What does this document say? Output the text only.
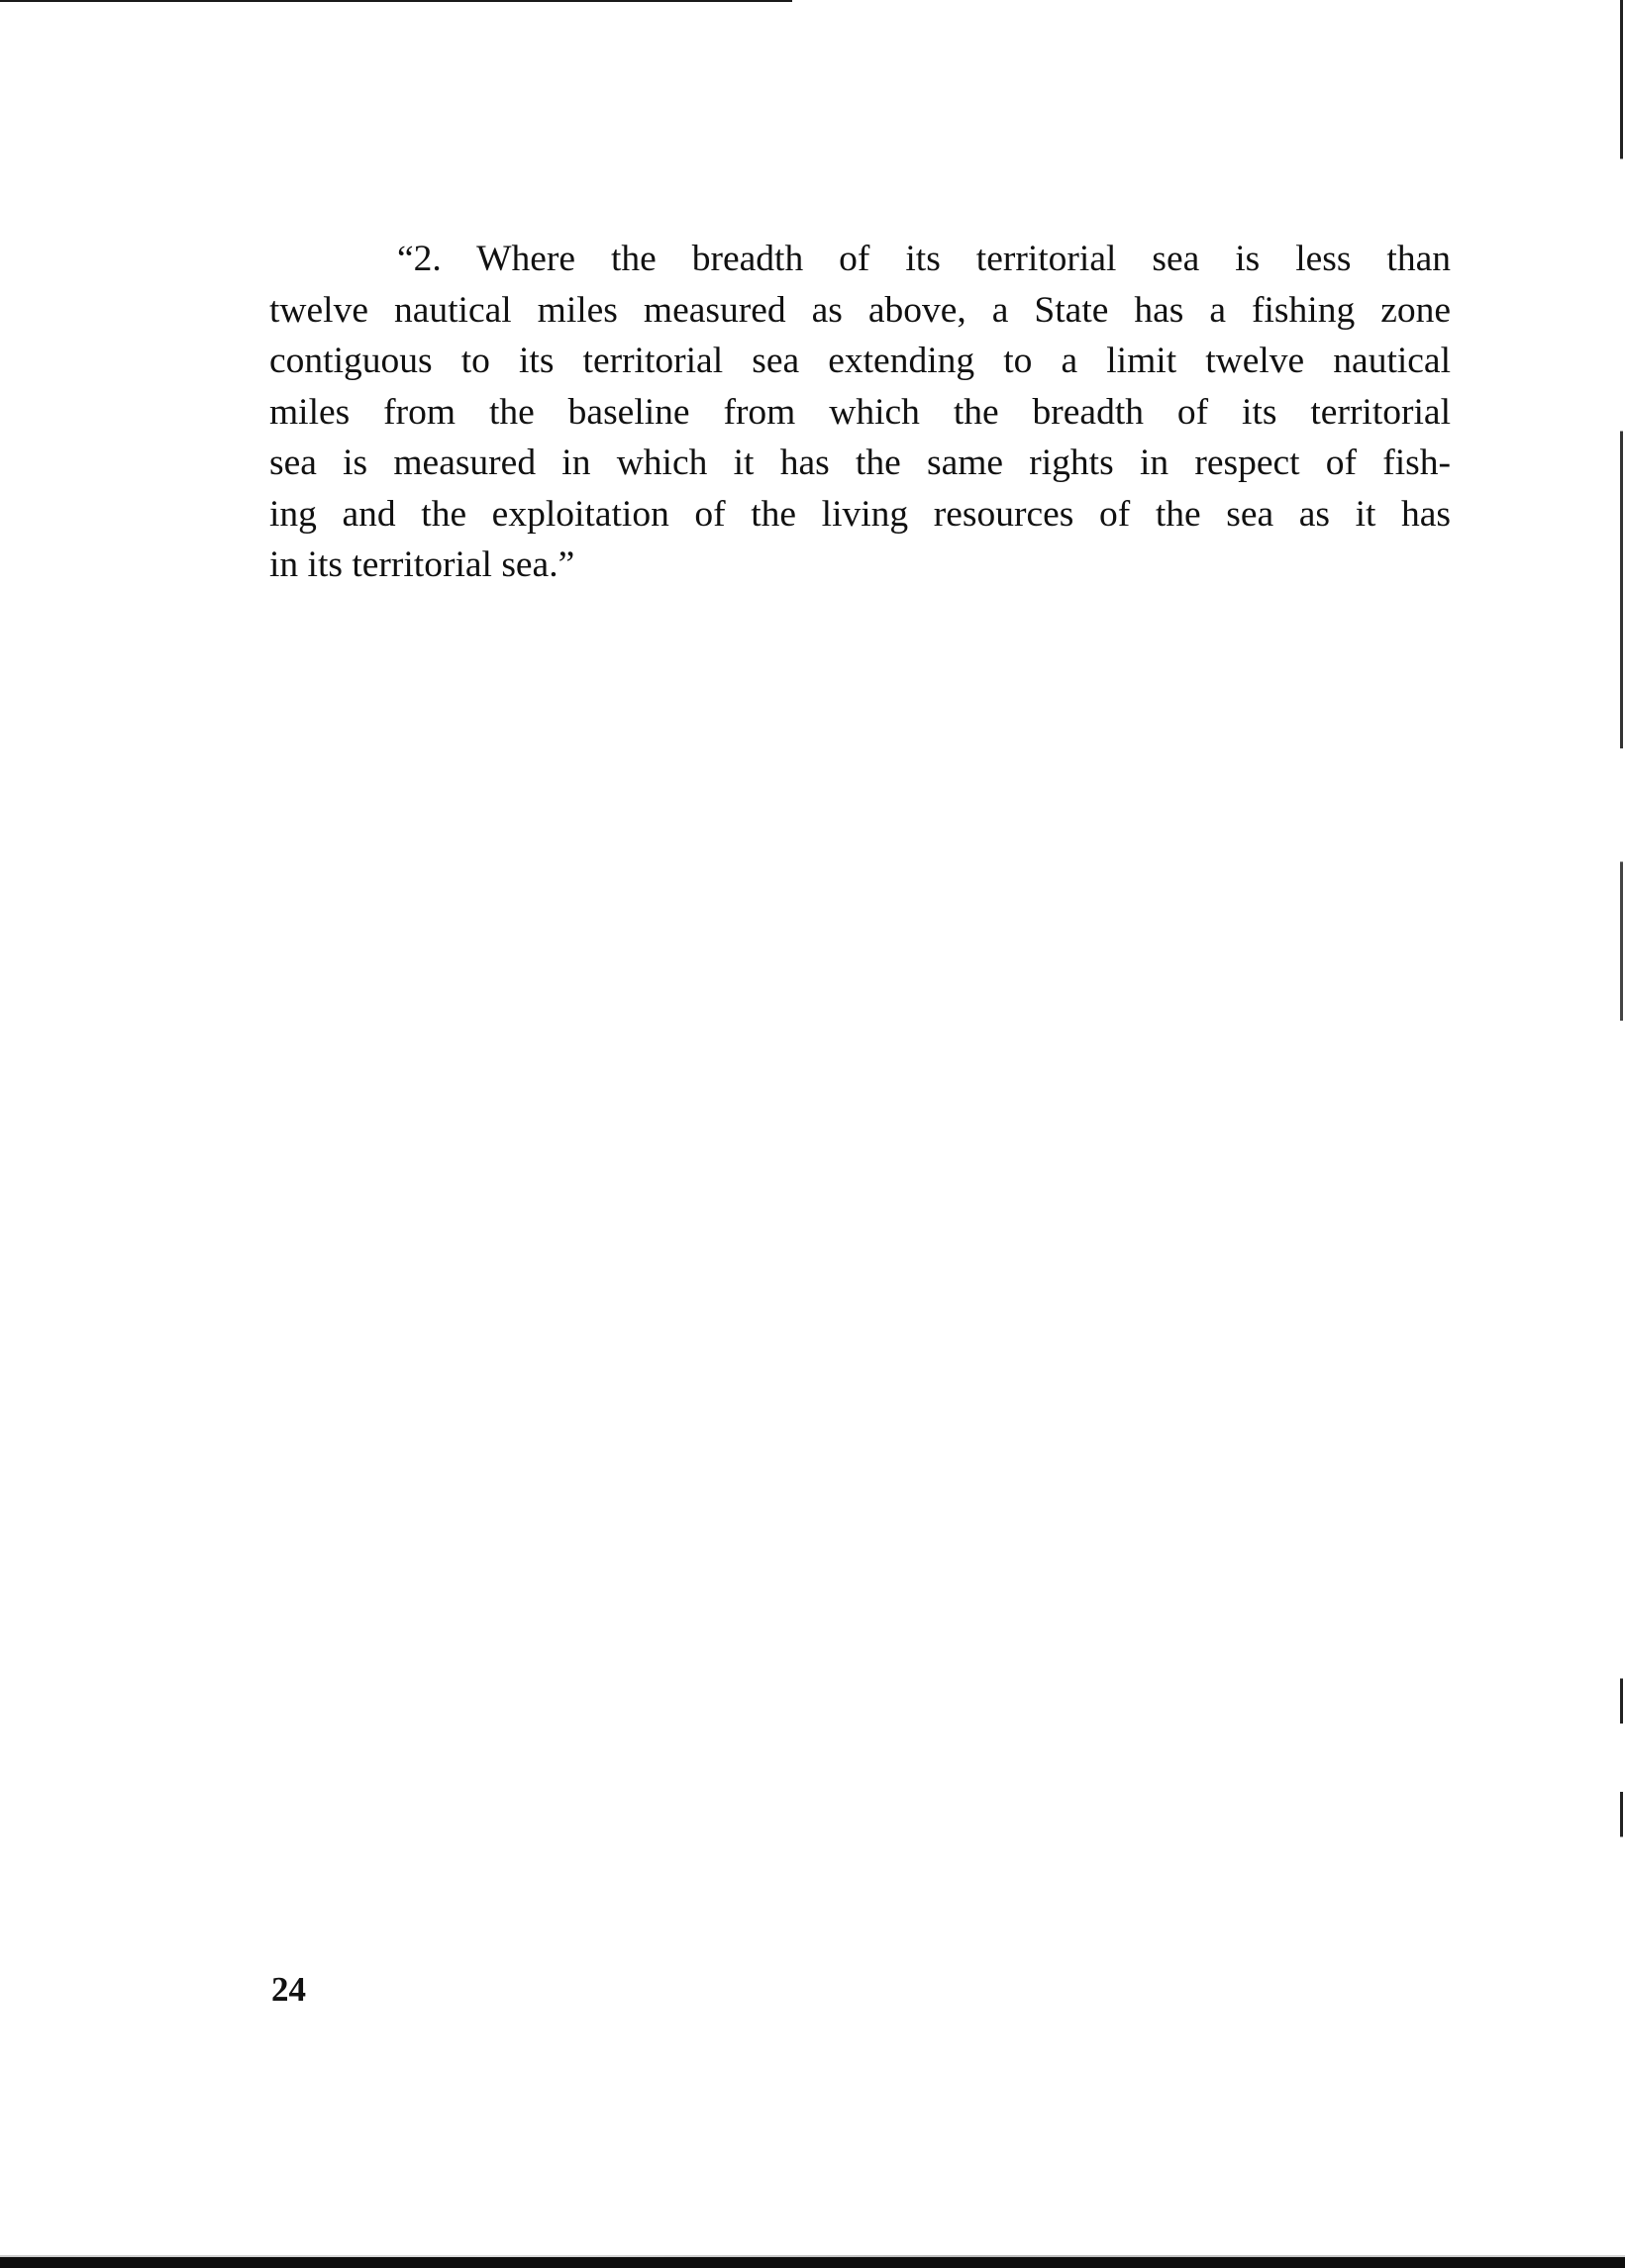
“2. Where the breadth of its territorial sea is less than
twelve nautical miles measured as above, a State has a fishing zone
contiguous to its territorial sea extending to a limit twelve nautical
miles from the baseline from which the breadth of its territorial
sea is measured in which it has the same rights in respect of fish-
ing and the exploitation of the living resources of the sea as it has
in its territorial sea.”
24
